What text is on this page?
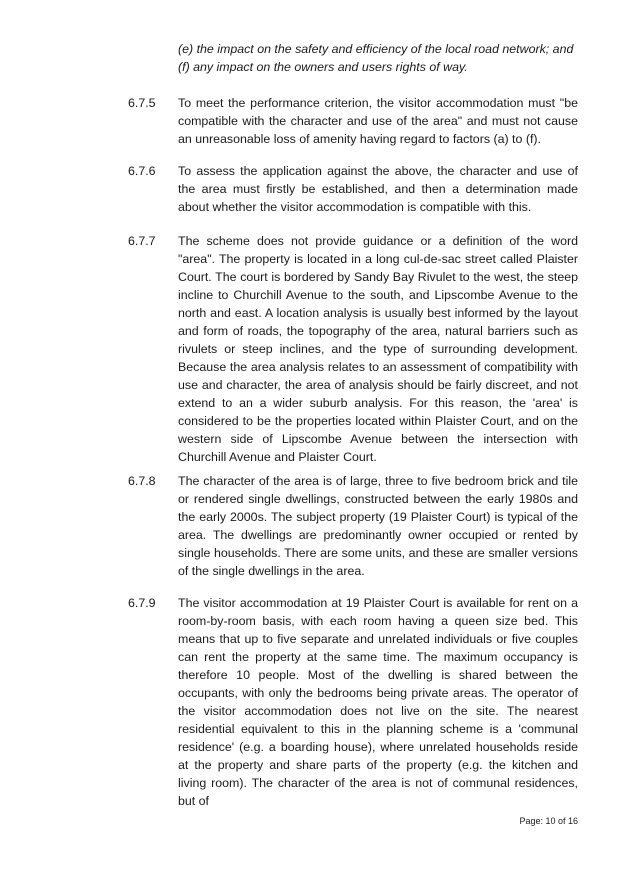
(e) the impact on the safety and efficiency of the local road network; and
(f) any impact on the owners and users rights of way.
6.7.5 To meet the performance criterion, the visitor accommodation must "be compatible with the character and use of the area" and must not cause an unreasonable loss of amenity having regard to factors (a) to (f).
6.7.6 To assess the application against the above, the character and use of the area must firstly be established, and then a determination made about whether the visitor accommodation is compatible with this.
6.7.7 The scheme does not provide guidance or a definition of the word "area". The property is located in a long cul-de-sac street called Plaister Court. The court is bordered by Sandy Bay Rivulet to the west, the steep incline to Churchill Avenue to the south, and Lipscombe Avenue to the north and east. A location analysis is usually best informed by the layout and form of roads, the topography of the area, natural barriers such as rivulets or steep inclines, and the type of surrounding development. Because the area analysis relates to an assessment of compatibility with use and character, the area of analysis should be fairly discreet, and not extend to an a wider suburb analysis. For this reason, the 'area' is considered to be the properties located within Plaister Court, and on the western side of Lipscombe Avenue between the intersection with Churchill Avenue and Plaister Court.
6.7.8 The character of the area is of large, three to five bedroom brick and tile or rendered single dwellings, constructed between the early 1980s and the early 2000s. The subject property (19 Plaister Court) is typical of the area. The dwellings are predominantly owner occupied or rented by single households. There are some units, and these are smaller versions of the single dwellings in the area.
6.7.9 The visitor accommodation at 19 Plaister Court is available for rent on a room-by-room basis, with each room having a queen size bed. This means that up to five separate and unrelated individuals or five couples can rent the property at the same time. The maximum occupancy is therefore 10 people. Most of the dwelling is shared between the occupants, with only the bedrooms being private areas. The operator of the visitor accommodation does not live on the site. The nearest residential equivalent to this in the planning scheme is a 'communal residence' (e.g. a boarding house), where unrelated households reside at the property and share parts of the property (e.g. the kitchen and living room). The character of the area is not of communal residences, but of
Page: 10 of 16
